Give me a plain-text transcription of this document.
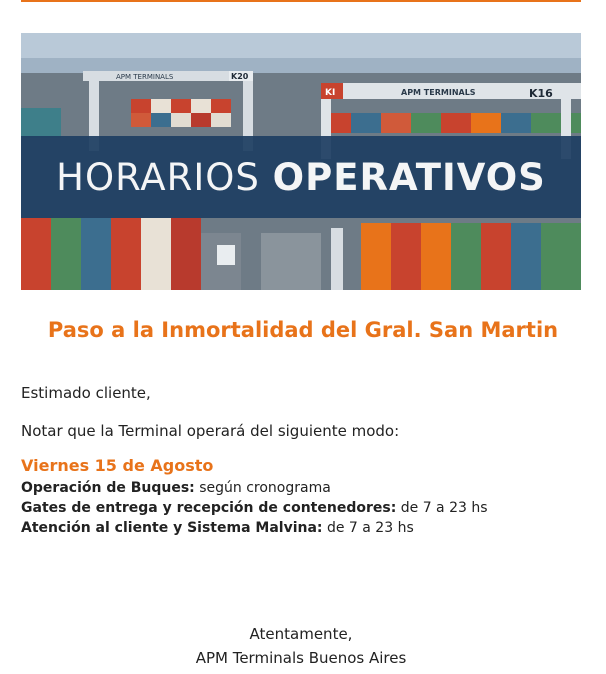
APM TERMINALS	K20
KI	APM TERMINALS	K16
HORARIOS OPERATIVOS
Paso a la Inmortalidad del Gral. San Martin
Estimado cliente,
Notar que la Terminal operará del siguiente modo:
Viernes 15 de Agosto
Operación de Buques: según cronograma
Gates de entrega y recepción de contenedores: de 7 a 23 hs
Atención al cliente y Sistema Malvina: de 7 a 23 hs
Atentamente,
APM Terminals Buenos Aires
